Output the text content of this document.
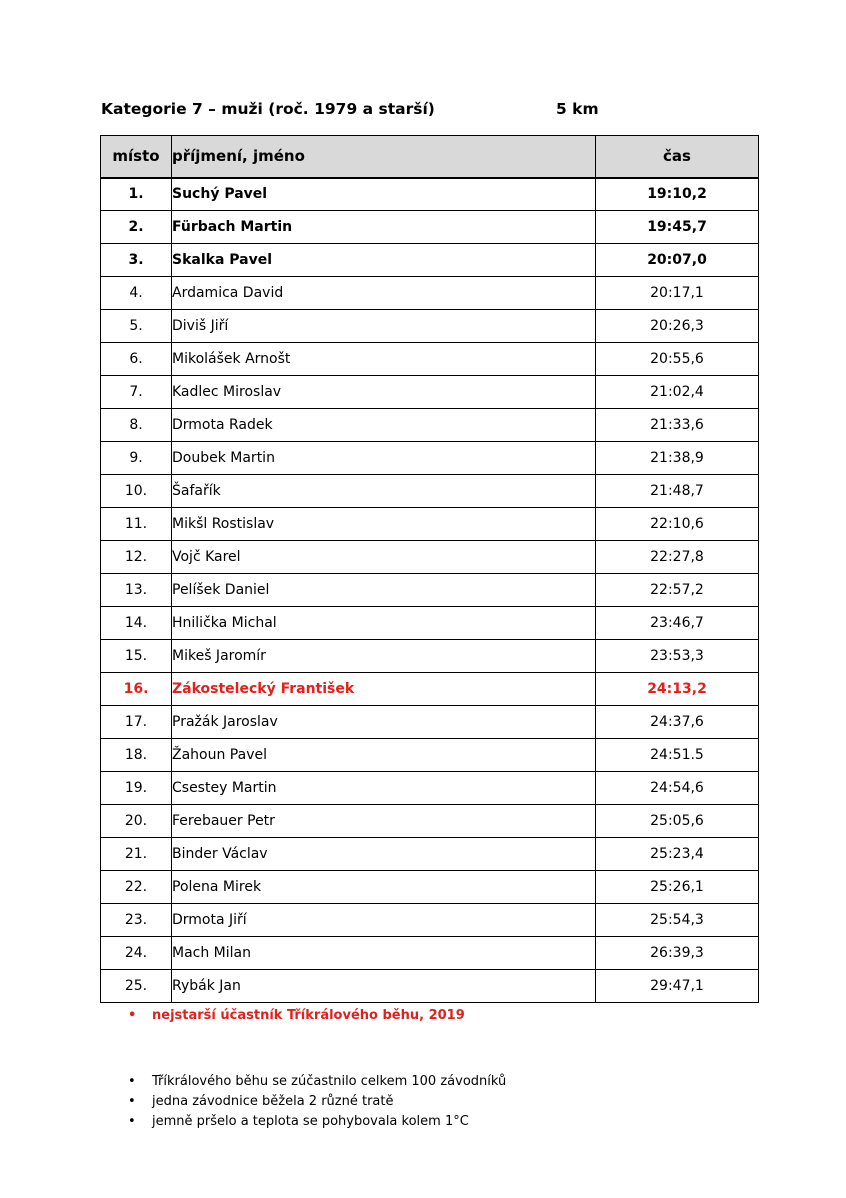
Kategorie 7 – muži (roč. 1979 a starší)	5 km
místo	příjmení, jméno	čas
1.	Suchý Pavel	19:10,2
2.	Fürbach Martin	19:45,7
3.	Skalka Pavel	20:07,0
4.	Ardamica David	20:17,1
5.	Diviš Jiří	20:26,3
6.	Mikolášek Arnošt	20:55,6
7.	Kadlec Miroslav	21:02,4
8.	Drmota Radek	21:33,6
9.	Doubek Martin	21:38,9
10.	Šafařík	21:48,7
11.	Mikšl Rostislav	22:10,6
12.	Vojč Karel	22:27,8
13.	Pelíšek Daniel	22:57,2
14.	Hnilička Michal	23:46,7
15.	Mikeš Jaromír	23:53,3
16.	Zákostelecký František	24:13,2
17.	Pražák Jaroslav	24:37,6
18.	Žahoun Pavel	24:51.5
19.	Csestey Martin	24:54,6
20.	Ferebauer Petr	25:05,6
21.	Binder Václav	25:23,4
22.	Polena Mirek	25:26,1
23.	Drmota Jiří	25:54,3
24.	Mach Milan	26:39,3
25.	Rybák Jan	29:47,1
• nejstarší účastník Tříkrálového běhu, 2019
• Tříkrálového běhu se zúčastnilo celkem 100 závodníků
• jedna závodnice běžela 2 různé tratě
• jemně pršelo a teplota se pohybovala kolem 1°C
